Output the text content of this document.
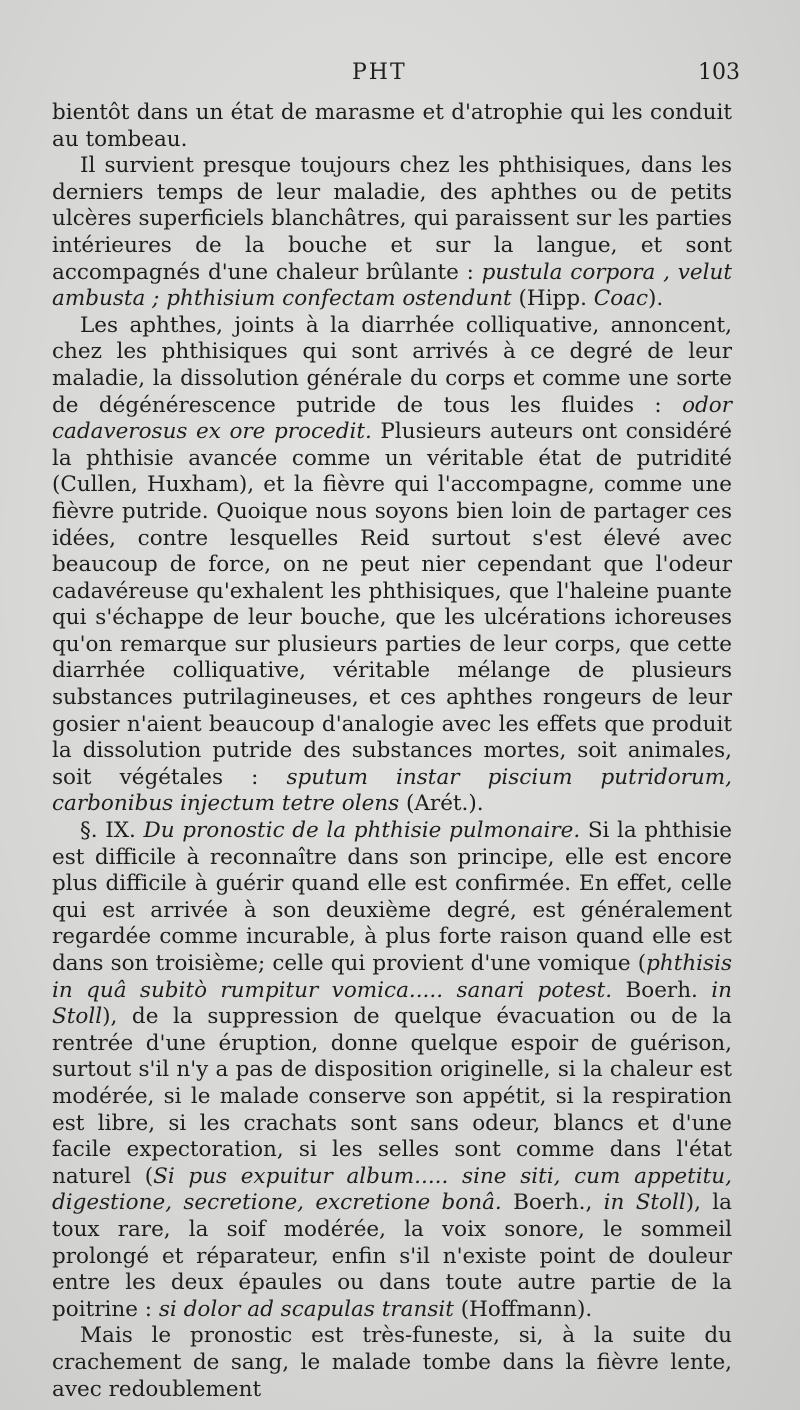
PHT	103

bientôt dans un état de marasme et d'atrophie qui les conduit au tombeau.

Il survient presque toujours chez les phthisiques, dans les derniers temps de leur maladie, des aphthes ou de petits ulcères superficiels blanchâtres, qui paraissent sur les parties intérieures de la bouche et sur la langue, et sont accompagnés d'une chaleur brûlante : pustula corpora , velut ambusta ; phthisium confectam ostendunt (Hipp. Coac).

Les aphthes, joints à la diarrhée colliquative, annoncent, chez les phthisiques qui sont arrivés à ce degré de leur maladie, la dissolution générale du corps et comme une sorte de dégénérescence putride de tous les fluides : odor cadaverosus ex ore procedit. Plusieurs auteurs ont considéré la phthisie avancée comme un véritable état de putridité (Cullen, Huxham), et la fièvre qui l'accompagne, comme une fièvre putride. Quoique nous soyons bien loin de partager ces idées, contre lesquelles Reid surtout s'est élevé avec beaucoup de force, on ne peut nier cependant que l'odeur cadavéreuse qu'exhalent les phthisiques, que l'haleine puante qui s'échappe de leur bouche, que les ulcérations ichoreuses qu'on remarque sur plusieurs parties de leur corps, que cette diarrhée colliquative, véritable mélange de plusieurs substances putrilagineuses, et ces aphthes rongeurs de leur gosier n'aient beaucoup d'analogie avec les effets que produit la dissolution putride des substances mortes, soit animales, soit végétales : sputum instar piscium putridorum, carbonibus injectum tetre olens (Arét.).

§. IX. Du pronostic de la phthisie pulmonaire. Si la phthisie est difficile à reconnaître dans son principe, elle est encore plus difficile à guérir quand elle est confirmée. En effet, celle qui est arrivée à son deuxième degré, est généralement regardée comme incurable, à plus forte raison quand elle est dans son troisième; celle qui provient d'une vomique (phthisis in quâ subitò rumpitur vomica..... sanari potest. Boerh. in Stoll), de la suppression de quelque évacuation ou de la rentrée d'une éruption, donne quelque espoir de guérison, surtout s'il n'y a pas de disposition originelle, si la chaleur est modérée, si le malade conserve son appétit, si la respiration est libre, si les crachats sont sans odeur, blancs et d'une facile expectoration, si les selles sont comme dans l'état naturel (Si pus expuitur album..... sine siti, cum appetitu, digestione, secretione, excretione bonâ. Boerh., in Stoll), la toux rare, la soif modérée, la voix sonore, le sommeil prolongé et réparateur, enfin s'il n'existe point de douleur entre les deux épaules ou dans toute autre partie de la poitrine : si dolor ad scapulas transit (Hoffmann).

Mais le pronostic est très-funeste, si, à la suite du crachement de sang, le malade tombe dans la fièvre lente, avec redoublement
